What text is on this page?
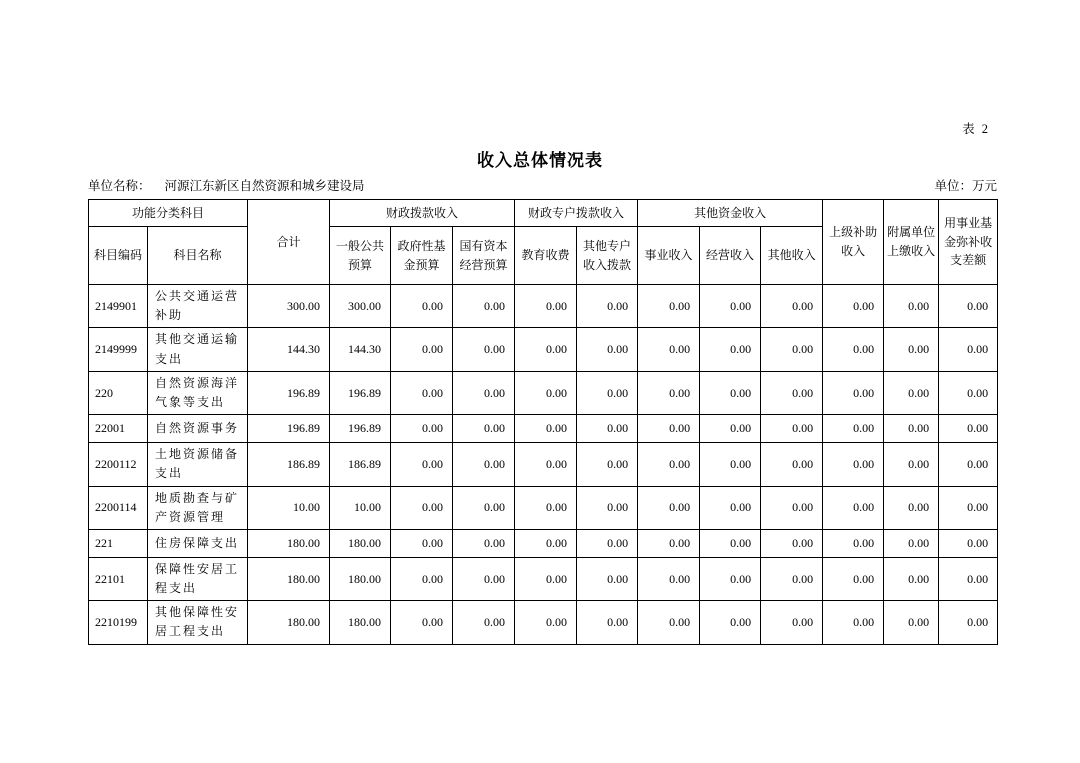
表 2
收入总体情况表
单位名称： 河源江东新区自然资源和城乡建设局	单位：万元
功能分类科目		合计	财政拨款收入			财政专户拨款收入		其他资金收入			上级补助收入	附属单位上缴收入	用事业基金弥补收支差额
科目编码	科目名称		一般公共预算	政府性基金预算	国有资本经营预算	教育收费	其他专户收入拨款	事业收入	经营收入	其他收入			
2149901	公共交通运营补助	300.00	300.00	0.00	0.00	0.00	0.00	0.00	0.00	0.00	0.00	0.00	0.00
2149999	其他交通运输支出	144.30	144.30	0.00	0.00	0.00	0.00	0.00	0.00	0.00	0.00	0.00	0.00
220	自然资源海洋气象等支出	196.89	196.89	0.00	0.00	0.00	0.00	0.00	0.00	0.00	0.00	0.00	0.00
22001	自然资源事务	196.89	196.89	0.00	0.00	0.00	0.00	0.00	0.00	0.00	0.00	0.00	0.00
2200112	土地资源储备支出	186.89	186.89	0.00	0.00	0.00	0.00	0.00	0.00	0.00	0.00	0.00	0.00
2200114	地质勘查与矿产资源管理	10.00	10.00	0.00	0.00	0.00	0.00	0.00	0.00	0.00	0.00	0.00	0.00
221	住房保障支出	180.00	180.00	0.00	0.00	0.00	0.00	0.00	0.00	0.00	0.00	0.00	0.00
22101	保障性安居工程支出	180.00	180.00	0.00	0.00	0.00	0.00	0.00	0.00	0.00	0.00	0.00	0.00
2210199	其他保障性安居工程支出	180.00	180.00	0.00	0.00	0.00	0.00	0.00	0.00	0.00	0.00	0.00	0.00
